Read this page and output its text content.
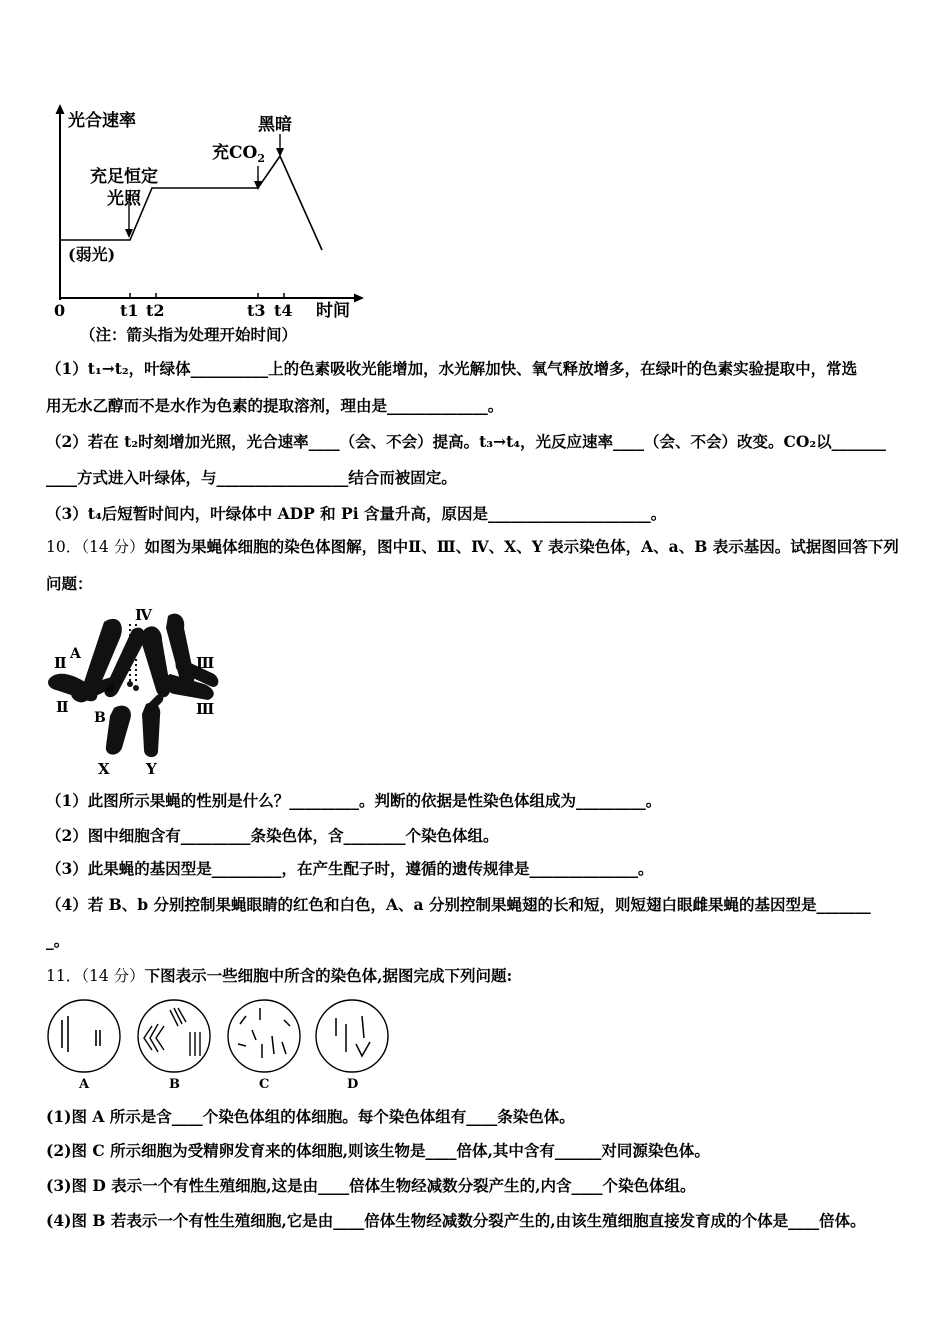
光合速率
时间
0	t1 t2	t3 t4
充足恒定
光照
黑暗
充$CO_2$
(弱光)
（注：箭头指为处理开始时间）
（1）t₁→t₂，叶绿体__________上的色素吸收光能增加，水光解加快、氧气释放增多，在绿叶的色素实验提取中，常选
用无水乙醇而不是水作为色素的提取溶剂，理由是_____________。
（2）若在 t₂时刻增加光照，光合速率____（会、不会）提高。t₃→t₄，光反应速率____（会、不会）改变。CO₂以_______
____方式进入叶绿体，与_________________结合而被固定。
（3）t₄后短暂时间内，叶绿体中 ADP 和 Pi 含量升高，原因是_____________________。
10．（14 分）如图为果蝇体细胞的染色体图解，图中Ⅱ、Ⅲ、Ⅳ、X、Y 表示染色体，A、a、B 表示基因。试据图回答下列
问题：
Ⅱ
Ⅱ
Ⅲ
Ⅲ
Ⅳ
A
a
B
X Y
（1）此图所示果蝇的性别是什么？_________。判断的依据是性染色体组成为_________。
（2）图中细胞含有_________条染色体，含________个染色体组。
（3）此果蝇的基因型是_________，在产生配子时，遵循的遗传规律是______________。
（4）若 B、b 分别控制果蝇眼睛的红色和白色，A、a 分别控制果蝇翅的长和短，则短翅白眼雌果蝇的基因型是_______
_。
11．（14 分）下图表示一些细胞中所含的染色体,据图完成下列问题:
A	B	C	D
(1)图 A 所示是含____个染色体组的体细胞。每个染色体组有____条染色体。
(2)图 C 所示细胞为受精卵发育来的体细胞,则该生物是____倍体,其中含有______对同源染色体。
(3)图 D 表示一个有性生殖细胞,这是由____倍体生物经减数分裂产生的,内含____个染色体组。
(4)图 B 若表示一个有性生殖细胞,它是由____倍体生物经减数分裂产生的,由该生殖细胞直接发育成的个体是____倍体。
